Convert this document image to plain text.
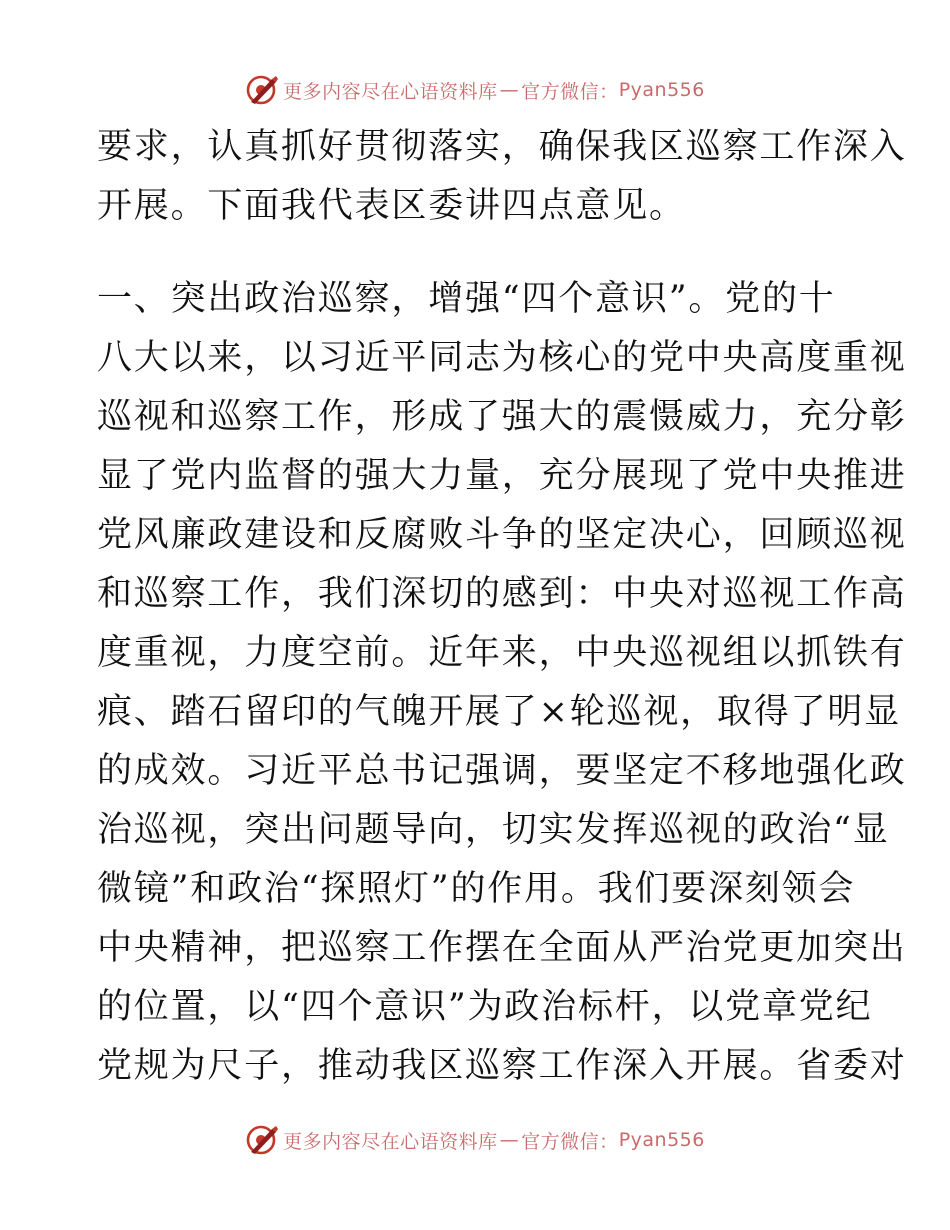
更多内容尽在心语资料库 — 官方微信： Pyan556
要求，认真抓好贯彻落实，确保我区巡察工作深入
开展。下面我代表区委讲四点意见。
一、突出政治巡察，增强“四个意识”。党的十
八大以来，以习近平同志为核心的党中央高度重视
巡视和巡察工作，形成了强大的震慑威力，充分彰
显了党内监督的强大力量，充分展现了党中央推进
党风廉政建设和反腐败斗争的坚定决心，回顾巡视
和巡察工作，我们深切的感到：中央对巡视工作高
度重视，力度空前。近年来，中央巡视组以抓铁有
痕、踏石留印的气魄开展了×轮巡视，取得了明显
的成效。习近平总书记强调，要坚定不移地强化政
治巡视，突出问题导向，切实发挥巡视的政治“显
微镜”和政治“探照灯”的作用。我们要深刻领会
中央精神，把巡察工作摆在全面从严治党更加突出
的位置，以“四个意识”为政治标杆，以党章党纪
党规为尺子，推动我区巡察工作深入开展。省委对
更多内容尽在心语资料库 — 官方微信： Pyan556
